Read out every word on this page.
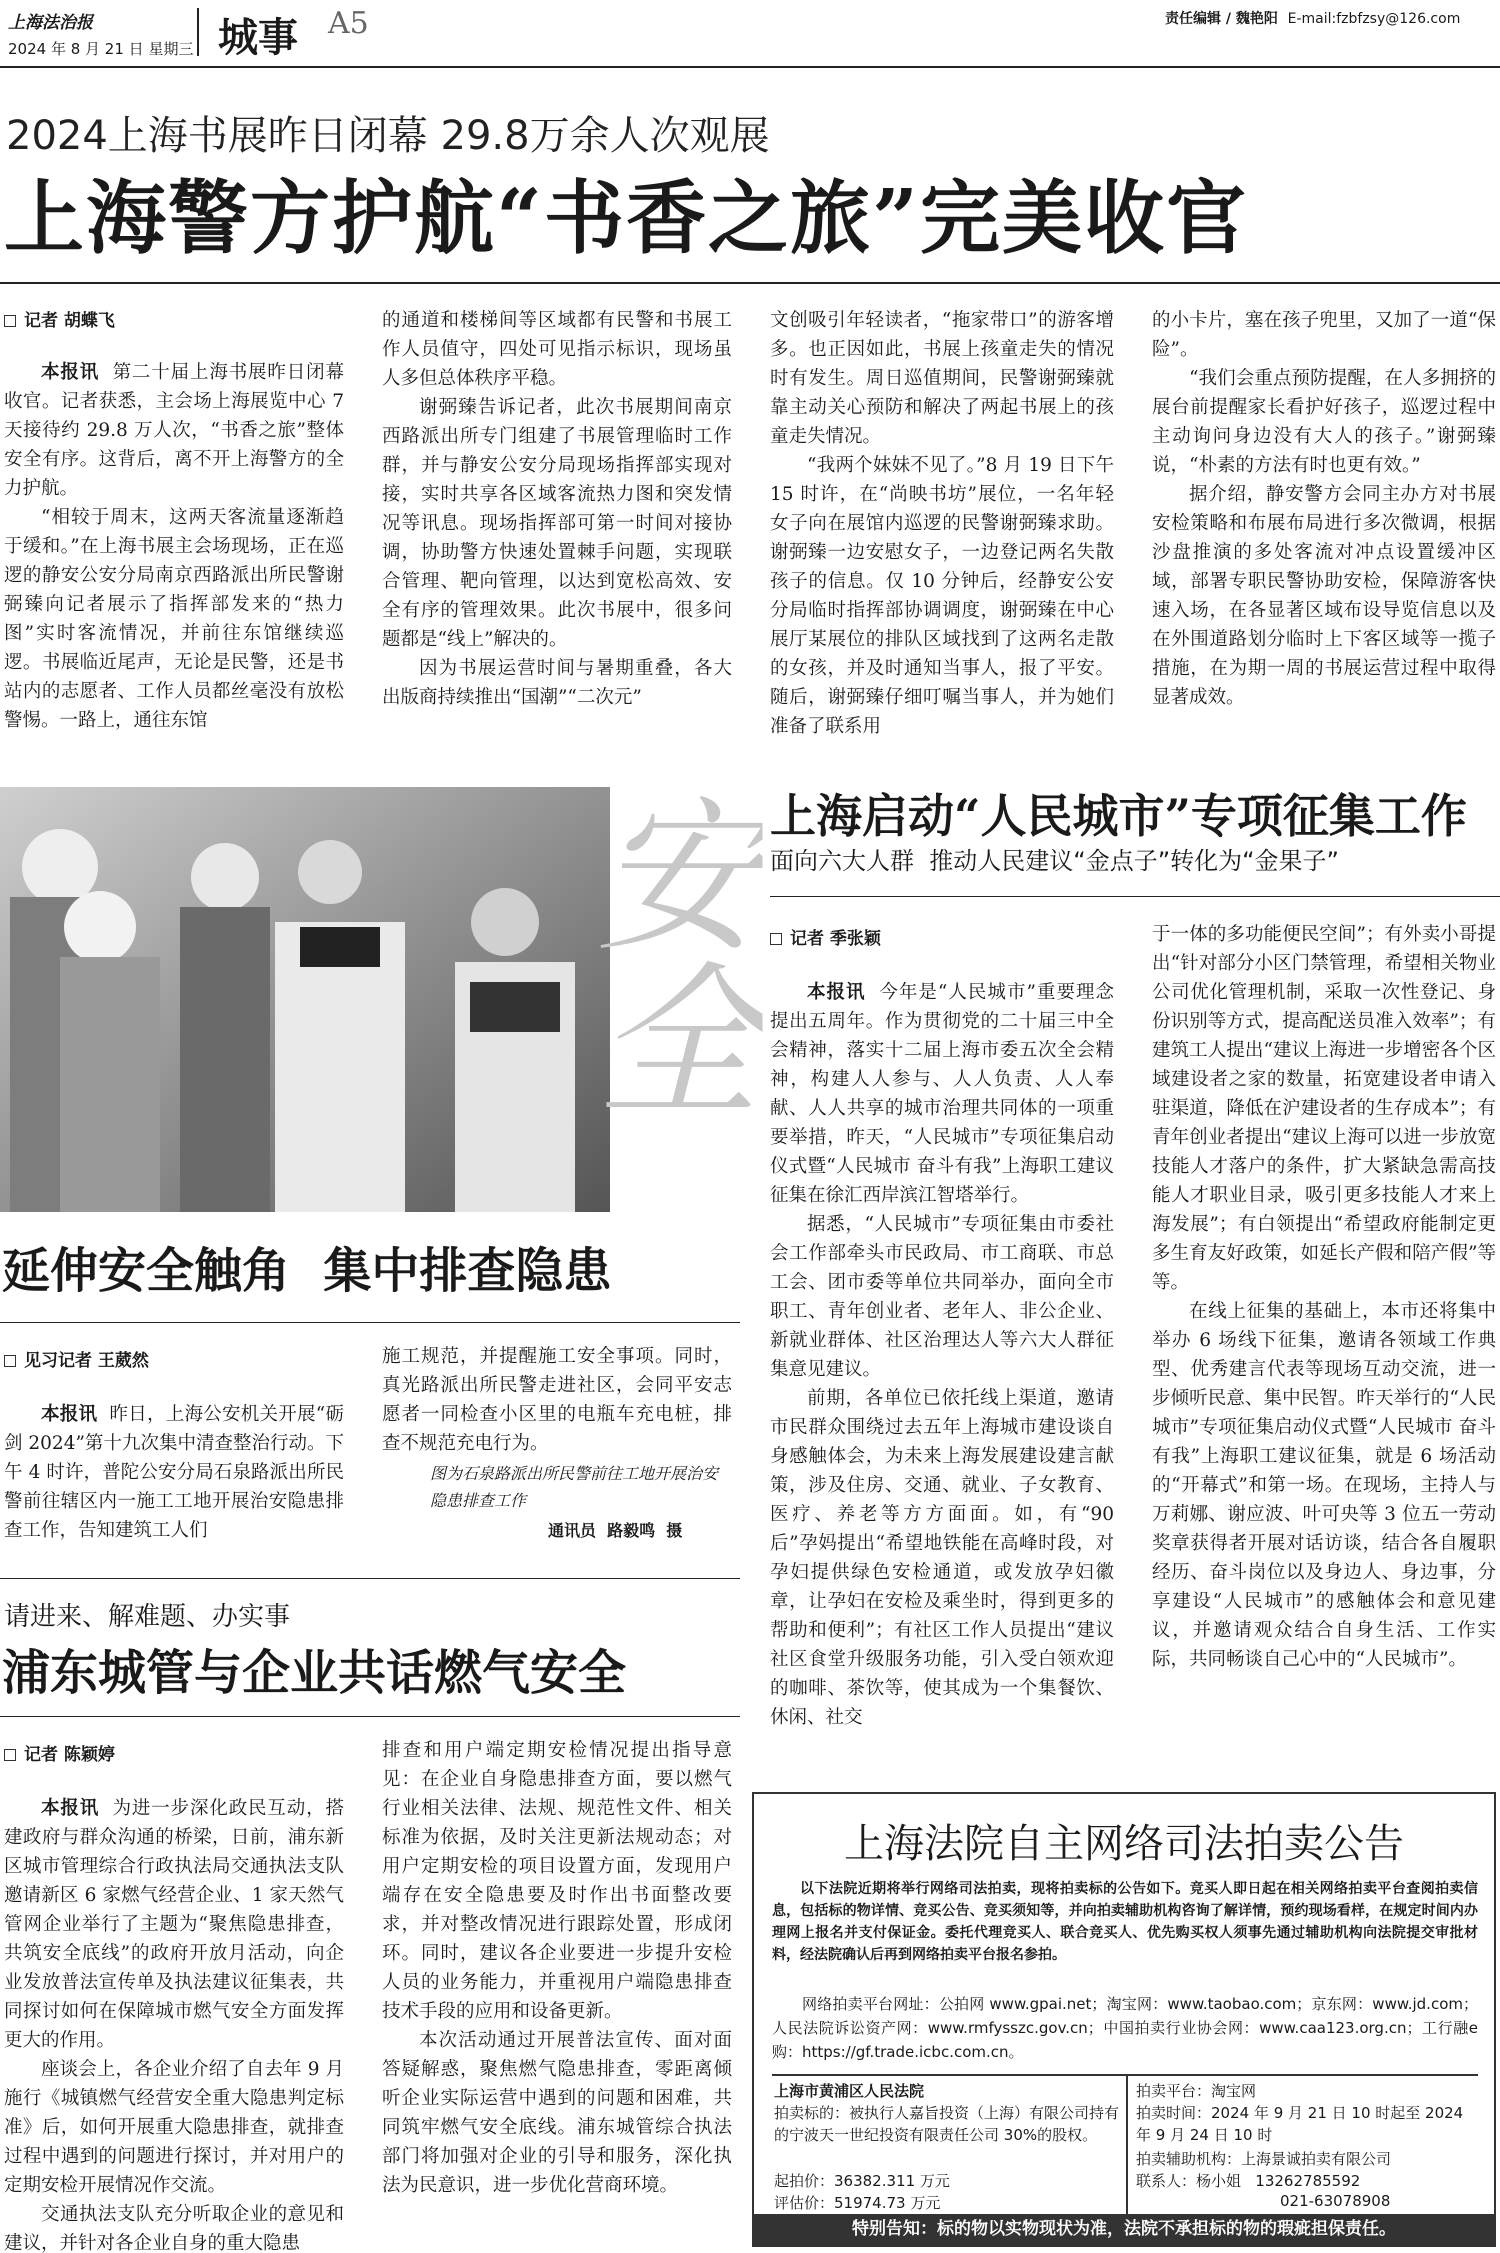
上海法治报
2024 年 8 月 21 日 星期三 城事 A5	责任编辑 / 魏艳阳 E-mail:fzbfzsy@126.com
2024上海书展昨日闭幕 29.8万余人次观展
上海警方护航“书香之旅”完美收官
记者 胡蝶飞

本报讯 第二十届上海书展昨日闭幕收官。记者获悉，主会场上海展览中心 7 天接待约 29.8 万人次，“书香之旅”整体安全有序。这背后，离不开上海警方的全力护航。

“相较于周末，这两天客流量逐渐趋于缓和。”在上海书展主会场现场，正在巡逻的静安公安分局南京西路派出所民警谢弼臻向记者展示了指挥部发来的“热力图”实时客流情况，并前往东馆继续巡逻。书展临近尾声，无论是民警，还是书站内的志愿者、工作人员都丝毫没有放松警惕。一路上，通往东馆

的通道和楼梯间等区域都有民警和书展工作人员值守，四处可见指示标识，现场虽人多但总体秩序平稳。

谢弼臻告诉记者，此次书展期间南京西路派出所专门组建了书展管理临时工作群，并与静安公安分局现场指挥部实现对接，实时共享各区域客流热力图和突发情况等讯息。现场指挥部可第一时间对接协调，协助警方快速处置棘手问题，实现联合管理、靶向管理，以达到宽松高效、安全有序的管理效果。此次书展中，很多问题都是“线上”解决的。

因为书展运营时间与暑期重叠，各大出版商持续推出“国潮”“二次元”

文创吸引年轻读者，“拖家带口”的游客增多。也正因如此，书展上孩童走失的情况时有发生。周日巡值期间，民警谢弼臻就靠主动关心预防和解决了两起书展上的孩童走失情况。

“我两个妹妹不见了。”8 月 19 日下午 15 时许，在“尚映书坊”展位，一名年轻女子向在展馆内巡逻的民警谢弼臻求助。谢弼臻一边安慰女子，一边登记两名失散孩子的信息。仅 10 分钟后，经静安公安分局临时指挥部协调调度，谢弼臻在中心展厅某展位的排队区域找到了这两名走散的女孩，并及时通知当事人，报了平安。随后，谢弼臻仔细叮嘱当事人，并为她们准备了联系用

的小卡片，塞在孩子兜里，又加了一道“保险”。

“我们会重点预防提醒，在人多拥挤的展台前提醒家长看护好孩子，巡逻过程中主动询问身边没有大人的孩子。”谢弼臻说，“朴素的方法有时也更有效。”

据介绍，静安警方会同主办方对书展安检策略和布展布局进行多次微调，根据沙盘推演的多处客流对冲点设置缓冲区域，部署专职民警协助安检，保障游客快速入场，在各显著区域布设导览信息以及在外围道路划分临时上下客区域等一揽子措施，在为期一周的书展运营过程中取得显著成效。

安全
延伸安全触角  集中排查隐患
见习记者 王葳然

本报讯 昨日，上海公安机关开展“砺剑 2024”第十九次集中清查整治行动。下午 4 时许，普陀公安分局石泉路派出所民警前往辖区内一施工工地开展治安隐患排查工作，告知建筑工人们

施工规范，并提醒施工安全事项。同时，真光路派出所民警走进社区，会同平安志愿者一同检查小区里的电瓶车充电桩，排查不规范充电行为。

图为石泉路派出所民警前往工地开展治安隐患排查工作
通讯员  路毅鸣  摄
上海启动“人民城市”专项征集工作
面向六大人群  推动人民建议“金点子”转化为“金果子”
记者 季张颖

本报讯 今年是“人民城市”重要理念提出五周年。作为贯彻党的二十届三中全会精神，落实十二届上海市委五次全会精神，构建人人参与、人人负责、人人奉献、人人共享的城市治理共同体的一项重要举措，昨天，“人民城市”专项征集启动仪式暨“人民城市 奋斗有我”上海职工建议征集在徐汇西岸滨江智塔举行。

据悉，“人民城市”专项征集由市委社会工作部牵头市民政局、市工商联、市总工会、团市委等单位共同举办，面向全市职工、青年创业者、老年人、非公企业、新就业群体、社区治理达人等六大人群征集意见建议。

前期，各单位已依托线上渠道，邀请市民群众围绕过去五年上海城市建设谈自身感触体会，为未来上海发展建设建言献策，涉及住房、交通、就业、子女教育、医疗、养老等方方面面。如，有“90 后”孕妈提出“希望地铁能在高峰时段，对孕妇提供绿色安检通道，或发放孕妇徽章，让孕妇在安检及乘坐时，得到更多的帮助和便利”；有社区工作人员提出“建议社区食堂升级服务功能，引入受白领欢迎的咖啡、茶饮等，使其成为一个集餐饮、休闲、社交

于一体的多功能便民空间”；有外卖小哥提出“针对部分小区门禁管理，希望相关物业公司优化管理机制，采取一次性登记、身份识别等方式，提高配送员准入效率”；有建筑工人提出“建议上海进一步增密各个区域建设者之家的数量，拓宽建设者申请入驻渠道，降低在沪建设者的生存成本”；有青年创业者提出“建议上海可以进一步放宽技能人才落户的条件，扩大紧缺急需高技能人才职业目录，吸引更多技能人才来上海发展”；有白领提出“希望政府能制定更多生育友好政策，如延长产假和陪产假”等等。

在线上征集的基础上，本市还将集中举办 6 场线下征集，邀请各领域工作典型、优秀建言代表等现场互动交流，进一步倾听民意、集中民智。昨天举行的“人民城市”专项征集启动仪式暨“人民城市 奋斗有我”上海职工建议征集，就是 6 场活动的“开幕式”和第一场。在现场，主持人与万莉娜、谢应波、叶可央等 3 位五一劳动奖章获得者开展对话访谈，结合各自履职经历、奋斗岗位以及身边人、身边事，分享建设“人民城市”的感触体会和意见建议，并邀请观众结合自身生活、工作实际，共同畅谈自己心中的“人民城市”。

请进来、解难题、办实事
浦东城管与企业共话燃气安全
记者 陈颖婷

本报讯 为进一步深化政民互动，搭建政府与群众沟通的桥梁，日前，浦东新区城市管理综合行政执法局交通执法支队邀请新区 6 家燃气经营企业、1 家天然气管网企业举行了主题为“聚焦隐患排查，共筑安全底线”的政府开放月活动，向企业发放普法宣传单及执法建议征集表，共同探讨如何在保障城市燃气安全方面发挥更大的作用。

座谈会上，各企业介绍了自去年 9 月施行《城镇燃气经营安全重大隐患判定标准》后，如何开展重大隐患排查，就排查过程中遇到的问题进行探讨，并对用户的定期安检开展情况作交流。

交通执法支队充分听取企业的意见和建议，并针对各企业自身的重大隐患

排查和用户端定期安检情况提出指导意见：在企业自身隐患排查方面，要以燃气行业相关法律、法规、规范性文件、相关标准为依据，及时关注更新法规动态；对用户定期安检的项目设置方面，发现用户端存在安全隐患要及时作出书面整改要求，并对整改情况进行跟踪处置，形成闭环。同时，建议各企业要进一步提升安检人员的业务能力，并重视用户端隐患排查技术手段的应用和设备更新。

本次活动通过开展普法宣传、面对面答疑解惑，聚焦燃气隐患排查，零距离倾听企业实际运营中遇到的问题和困难，共同筑牢燃气安全底线。浦东城管综合执法部门将加强对企业的引导和服务，深化执法为民意识，进一步优化营商环境。

上海法院自主网络司法拍卖公告
以下法院近期将举行网络司法拍卖，现将拍卖标的公告如下。竞买人即日起在相关网络拍卖平台查阅拍卖信息，包括标的物详情、竞买公告、竞买须知等，并向拍卖辅助机构咨询了解详情，预约现场看样，在规定时间内办理网上报名并支付保证金。委托代理竞买人、联合竞买人、优先购买权人须事先通过辅助机构向法院提交审批材料，经法院确认后再到网络拍卖平台报名参拍。
网络拍卖平台网址：公拍网 www.gpai.net；淘宝网：www.taobao.com；京东网：www.jd.com；人民法院诉讼资产网：www.rmfysszc.gov.cn；中国拍卖行业协会网：www.caa123.org.cn；工行融e购：https://gf.trade.icbc.com.cn。
上海市黄浦区人民法院
拍卖标的：被执行人嘉旨投资（上海）有限公司持有的宁波天一世纪投资有限责任公司 30%的股权。
起拍价：36382.311 万元
评估价：51974.73 万元
拍卖平台：淘宝网
拍卖时间：2024 年 9 月 21 日 10 时起至 2024 年 9 月 24 日 10 时
拍卖辅助机构：上海景诚拍卖有限公司
联系人：杨小姐   13262785592
021-63078908
特别告知：标的物以实物现状为准，法院不承担标的物的瑕疵担保责任。
